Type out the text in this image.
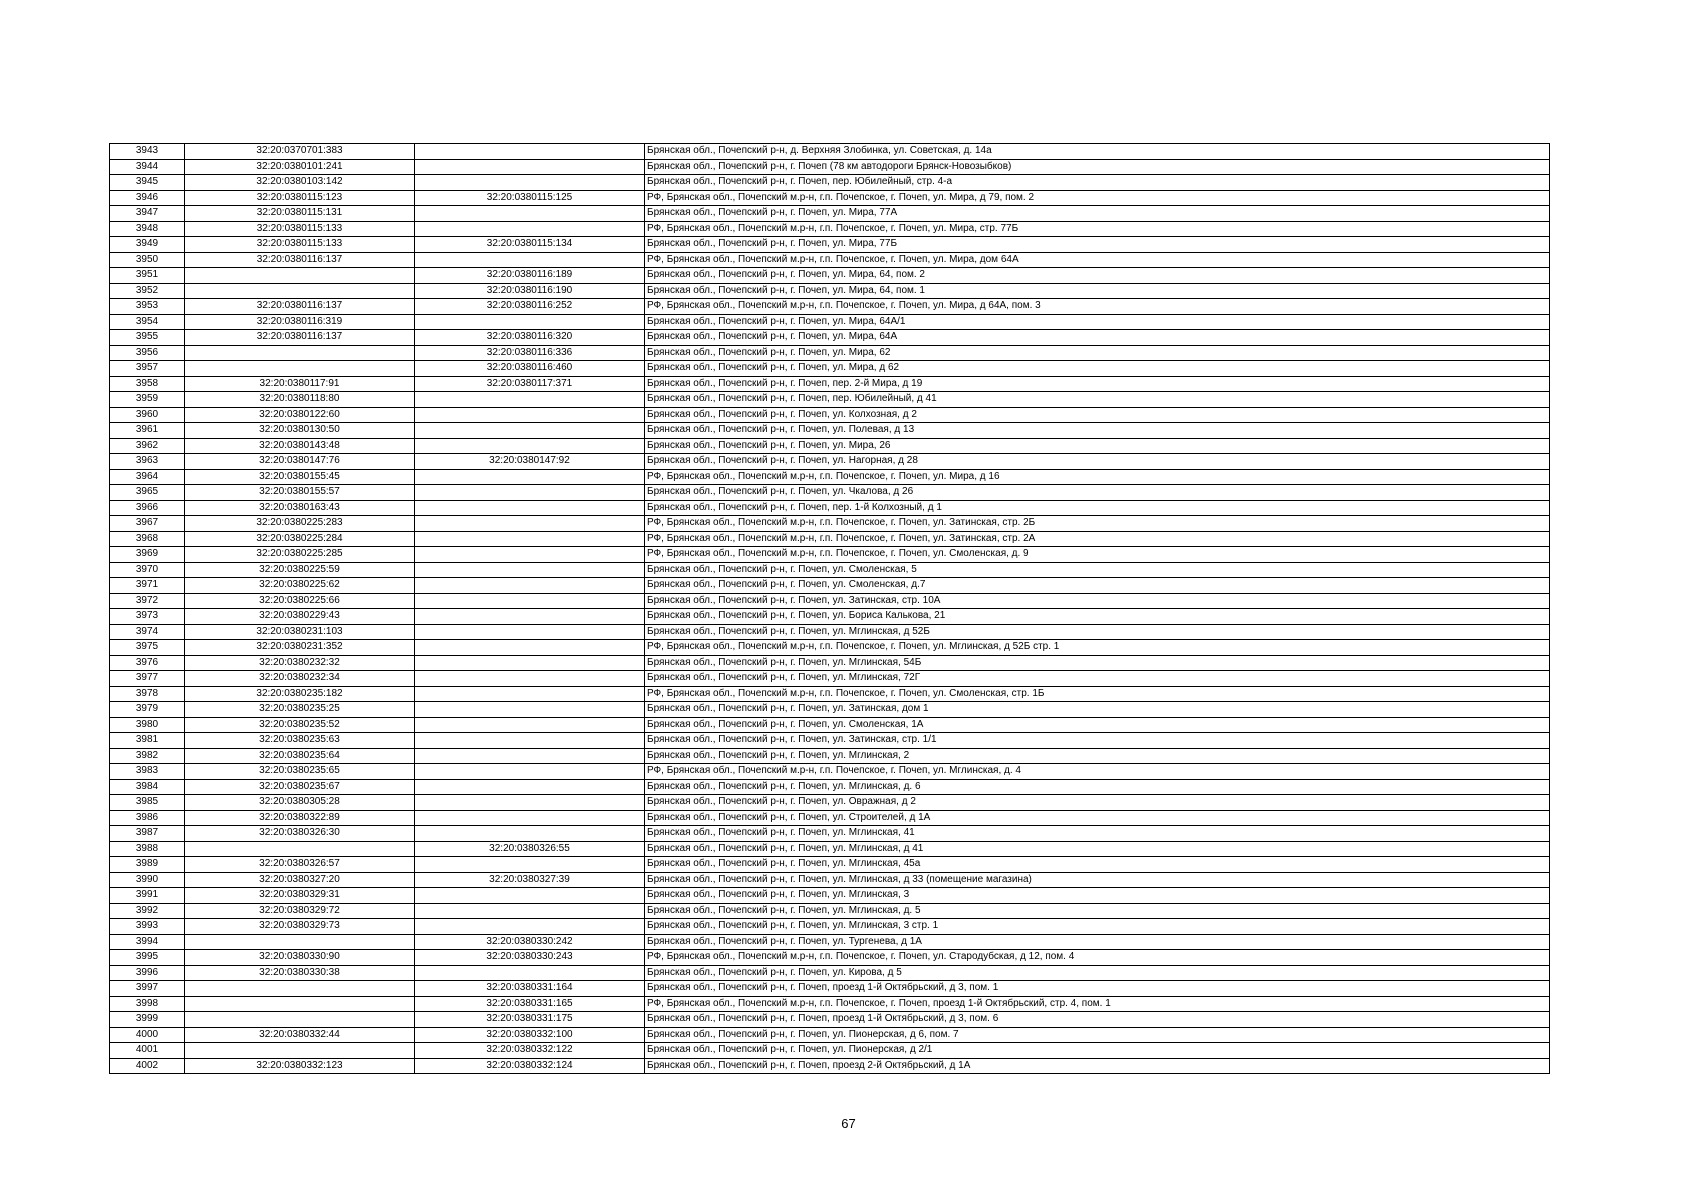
3943	32:20:0370701:383		Брянская обл., Почепский р-н, д. Верхняя Злобинка, ул. Советская, д. 14а
3944	32:20:0380101:241		Брянская обл., Почепский р-н, г. Почеп (78 км автодороги Брянск-Новозыбков)
3945	32:20:0380103:142		Брянская обл., Почепский р-н, г. Почеп, пер. Юбилейный, стр. 4-а
3946	32:20:0380115:123	32:20:0380115:125	РФ, Брянская обл., Почепский м.р-н, г.п. Почепское, г. Почеп, ул. Мира, д 79, пом. 2
3947	32:20:0380115:131		Брянская обл., Почепский р-н, г. Почеп, ул. Мира, 77А
3948	32:20:0380115:133		РФ, Брянская обл., Почепский м.р-н, г.п. Почепское, г. Почеп, ул. Мира, стр. 77Б
3949	32:20:0380115:133	32:20:0380115:134	Брянская обл., Почепский р-н, г. Почеп, ул. Мира, 77Б
3950	32:20:0380116:137		РФ, Брянская обл., Почепский м.р-н, г.п. Почепское, г. Почеп, ул. Мира, дом 64А
3951		32:20:0380116:189	Брянская обл., Почепский р-н, г. Почеп, ул. Мира, 64, пом. 2
3952		32:20:0380116:190	Брянская обл., Почепский р-н, г. Почеп, ул. Мира, 64, пом. 1
3953	32:20:0380116:137	32:20:0380116:252	РФ, Брянская обл., Почепский м.р-н, г.п. Почепское, г. Почеп, ул. Мира, д 64А, пом. 3
3954	32:20:0380116:319		Брянская обл., Почепский р-н, г. Почеп, ул. Мира, 64А/1
3955	32:20:0380116:137	32:20:0380116:320	Брянская обл., Почепский р-н, г. Почеп, ул. Мира, 64А
3956		32:20:0380116:336	Брянская обл., Почепский р-н, г. Почеп, ул. Мира, 62
3957		32:20:0380116:460	Брянская обл., Почепский р-н, г. Почеп, ул. Мира, д 62
3958	32:20:0380117:91	32:20:0380117:371	Брянская обл., Почепский р-н, г. Почеп, пер. 2-й Мира, д 19
3959	32:20:0380118:80		Брянская обл., Почепский р-н, г. Почеп, пер. Юбилейный, д 41
3960	32:20:0380122:60		Брянская обл., Почепский р-н, г. Почеп, ул. Колхозная, д 2
3961	32:20:0380130:50		Брянская обл., Почепский р-н, г. Почеп, ул. Полевая, д 13
3962	32:20:0380143:48		Брянская обл., Почепский р-н, г. Почеп, ул. Мира, 26
3963	32:20:0380147:76	32:20:0380147:92	Брянская обл., Почепский р-н, г. Почеп, ул. Нагорная, д 28
3964	32:20:0380155:45		РФ, Брянская обл., Почепский м.р-н, г.п. Почепское, г. Почеп, ул. Мира, д 16
3965	32:20:0380155:57		Брянская обл., Почепский р-н, г. Почеп, ул. Чкалова, д 26
3966	32:20:0380163:43		Брянская обл., Почепский р-н, г. Почеп, пер. 1-й Колхозный, д 1
3967	32:20:0380225:283		РФ, Брянская обл., Почепский м.р-н, г.п. Почепское, г. Почеп, ул. Затинская, стр. 2Б
3968	32:20:0380225:284		РФ, Брянская обл., Почепский м.р-н, г.п. Почепское, г. Почеп, ул. Затинская, стр. 2А
3969	32:20:0380225:285		РФ, Брянская обл., Почепский м.р-н, г.п. Почепское, г. Почеп, ул. Смоленская, д. 9
3970	32:20:0380225:59		Брянская обл., Почепский р-н, г. Почеп, ул. Смоленская, 5
3971	32:20:0380225:62		Брянская обл., Почепский р-н, г. Почеп, ул. Смоленская, д.7
3972	32:20:0380225:66		Брянская обл., Почепский р-н, г. Почеп, ул. Затинская, стр. 10А
3973	32:20:0380229:43		Брянская обл., Почепский р-н, г. Почеп, ул. Бориса Калькова, 21
3974	32:20:0380231:103		Брянская обл., Почепский р-н, г. Почеп, ул. Мглинская, д 52Б
3975	32:20:0380231:352		РФ, Брянская обл., Почепский м.р-н, г.п. Почепское, г. Почеп, ул. Мглинская, д 52Б стр. 1
3976	32:20:0380232:32		Брянская обл., Почепский р-н, г. Почеп, ул. Мглинская, 54Б
3977	32:20:0380232:34		Брянская обл., Почепский р-н, г. Почеп, ул. Мглинская, 72Г
3978	32:20:0380235:182		РФ, Брянская обл., Почепский м.р-н, г.п. Почепское, г. Почеп, ул. Смоленская, стр. 1Б
3979	32:20:0380235:25		Брянская обл., Почепский р-н, г. Почеп, ул. Затинская, дом 1
3980	32:20:0380235:52		Брянская обл., Почепский р-н, г. Почеп, ул. Смоленская, 1А
3981	32:20:0380235:63		Брянская обл., Почепский р-н, г. Почеп, ул. Затинская, стр. 1/1
3982	32:20:0380235:64		Брянская обл., Почепский р-н, г. Почеп, ул. Мглинская, 2
3983	32:20:0380235:65		РФ, Брянская обл., Почепский м.р-н, г.п. Почепское, г. Почеп, ул. Мглинская, д. 4
3984	32:20:0380235:67		Брянская обл., Почепский р-н, г. Почеп, ул. Мглинская, д. 6
3985	32:20:0380305:28		Брянская обл., Почепский р-н, г. Почеп, ул. Овражная, д 2
3986	32:20:0380322:89		Брянская обл., Почепский р-н, г. Почеп, ул. Строителей, д 1А
3987	32:20:0380326:30		Брянская обл., Почепский р-н, г. Почеп, ул. Мглинская, 41
3988		32:20:0380326:55	Брянская обл., Почепский р-н, г. Почеп, ул. Мглинская, д 41
3989	32:20:0380326:57		Брянская обл., Почепский р-н, г. Почеп, ул. Мглинская, 45а
3990	32:20:0380327:20	32:20:0380327:39	Брянская обл., Почепский р-н, г. Почеп, ул. Мглинская, д 33 (помещение магазина)
3991	32:20:0380329:31		Брянская обл., Почепский р-н, г. Почеп, ул. Мглинская, 3
3992	32:20:0380329:72		Брянская обл., Почепский р-н, г. Почеп, ул. Мглинская, д. 5
3993	32:20:0380329:73		Брянская обл., Почепский р-н, г. Почеп, ул. Мглинская, 3 стр. 1
3994		32:20:0380330:242	Брянская обл., Почепский р-н, г. Почеп, ул. Тургенева, д 1А
3995	32:20:0380330:90	32:20:0380330:243	РФ, Брянская обл., Почепский м.р-н, г.п. Почепское, г. Почеп, ул. Стародубская, д 12, пом. 4
3996	32:20:0380330:38		Брянская обл., Почепский р-н, г. Почеп, ул. Кирова, д 5
3997		32:20:0380331:164	Брянская обл., Почепский р-н, г. Почеп, проезд 1-й Октябрьский, д 3, пом. 1
3998		32:20:0380331:165	РФ, Брянская обл., Почепский м.р-н, г.п. Почепское, г. Почеп, проезд 1-й Октябрьский, стр. 4, пом. 1
3999		32:20:0380331:175	Брянская обл., Почепский р-н, г. Почеп, проезд 1-й Октябрьский, д 3, пом. 6
4000	32:20:0380332:44	32:20:0380332:100	Брянская обл., Почепский р-н, г. Почеп, ул. Пионерская, д 6, пом. 7
4001		32:20:0380332:122	Брянская обл., Почепский р-н, г. Почеп, ул. Пионерская, д 2/1
4002	32:20:0380332:123	32:20:0380332:124	Брянская обл., Почепский р-н, г. Почеп, проезд 2-й Октябрьский, д 1А
67
